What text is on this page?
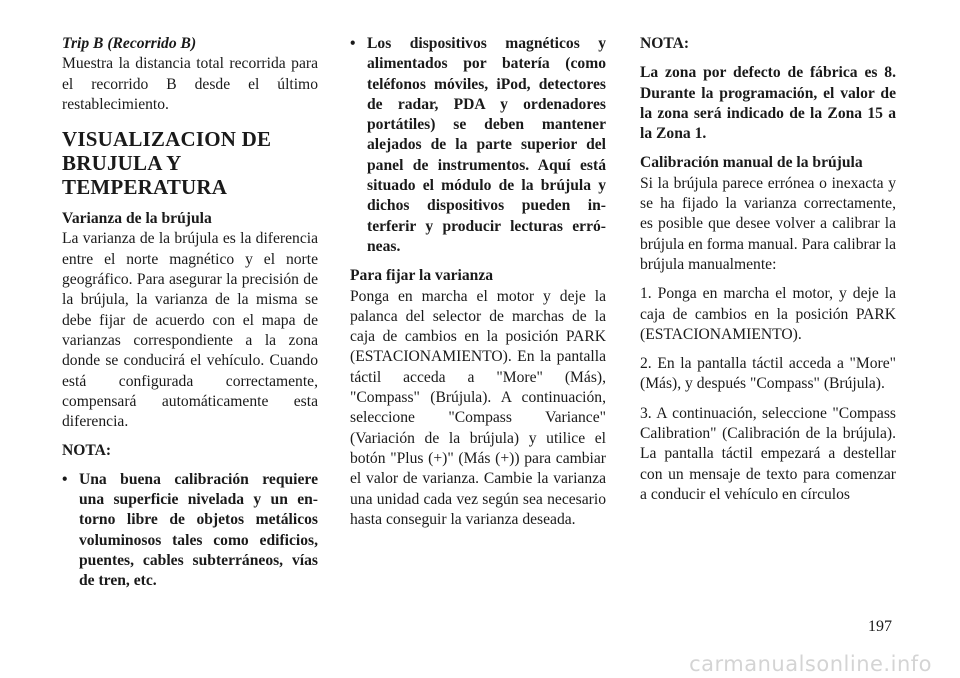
Trip B (Recorrido B)

Muestra la distancia total recorrida para el recorrido B desde el último restablecimiento.

VISUALIZACION DE BRUJULA Y TEMPERATURA

Varianza de la brújula

La varianza de la brújula es la diferencia entre el norte magnético y el norte geográfico. Para asegurar la precisión de la brújula, la varianza de la misma se debe fijar de acuerdo con el mapa de varianzas correspondiente a la zona donde se conducirá el vehículo. Cuando está configurada correctamente, compensará automáticamente esta diferencia.

NOTA:

• Una buena calibración requiere una superficie nivelada y un entorno libre de objetos metálicos voluminosos tales como edificios, puentes, cables subterráneos, vías de tren, etc.
• Los dispositivos magnéticos y alimentados por batería (como teléfonos móviles, iPod, detectores de radar, PDA y ordenadores portátiles) se deben mantener alejados de la parte superior del panel de instrumentos. Aquí está situado el módulo de la brújula y dichos dispositivos pueden interferir y producir lecturas erróneas.

Para fijar la varianza

Ponga en marcha el motor y deje la palanca del selector de marchas de la caja de cambios en la posición PARK (ESTACIONAMIENTO). En la pantalla táctil acceda a "More" (Más), "Compass" (Brújula). A continuación, seleccione "Compass Variance" (Variación de la brújula) y utilice el botón "Plus (+)" (Más (+)) para cambiar el valor de varianza. Cambie la varianza una unidad cada vez según sea necesario hasta conseguir la varianza deseada.

NOTA:

La zona por defecto de fábrica es 8. Durante la programación, el valor de la zona será indicado de la Zona 15 a la Zona 1.

Calibración manual de la brújula

Si la brújula parece errónea o inexacta y se ha fijado la varianza correctamente, es posible que desee volver a calibrar la brújula en forma manual. Para calibrar la brújula manualmente:

1. Ponga en marcha el motor, y deje la caja de cambios en la posición PARK (ESTACIONAMIENTO).

2. En la pantalla táctil acceda a "More" (Más), y después "Compass" (Brújula).

3. A continuación, seleccione "Compass Calibration" (Calibración de la brújula). La pantalla táctil empezará a destellar con un mensaje de texto para comenzar a conducir el vehículo en círculos

197
carmanualsonline.info
